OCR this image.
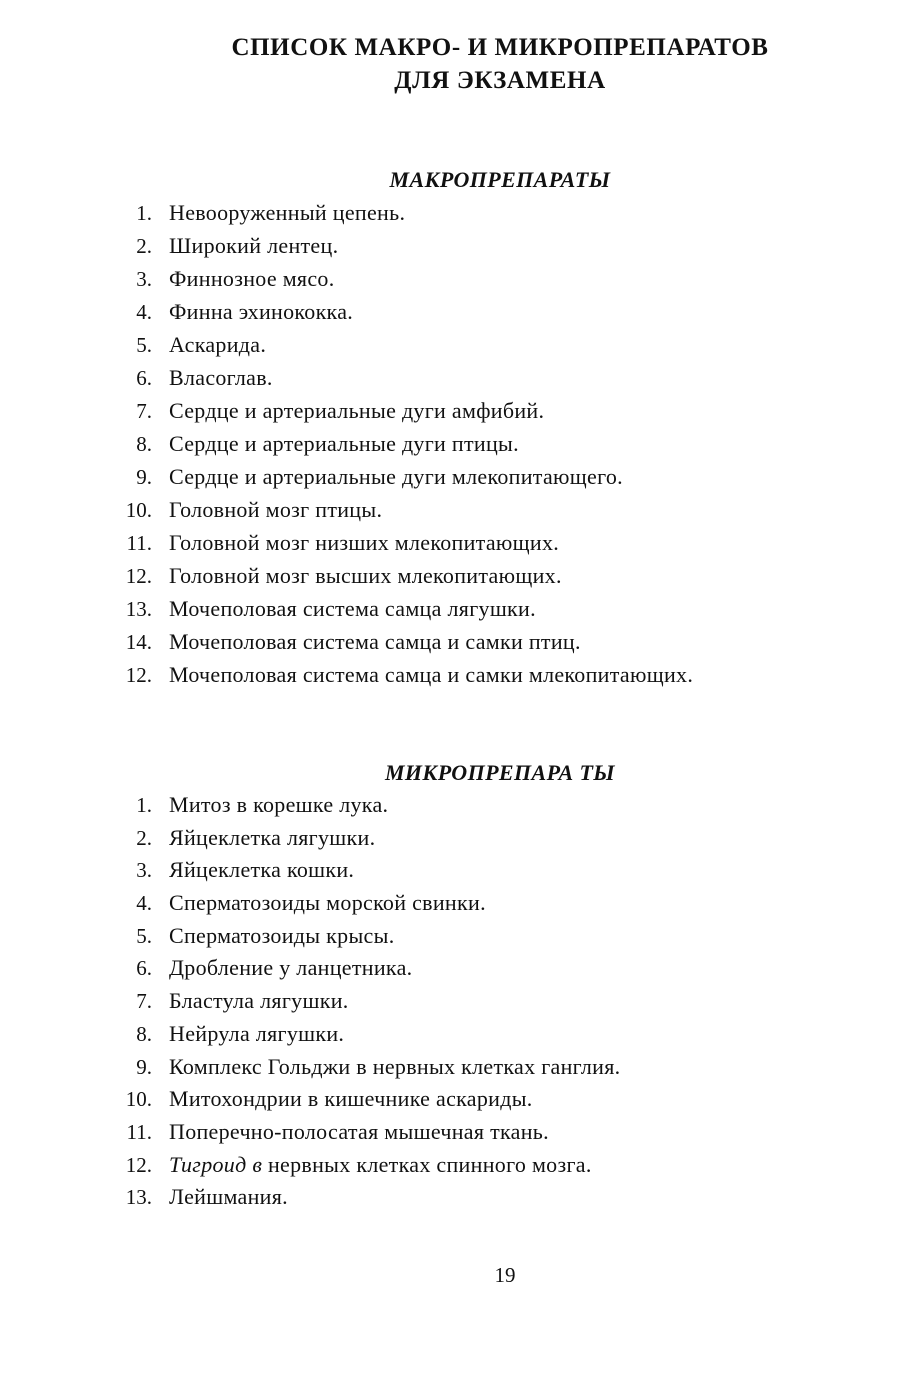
СПИСОК МАКРО- И МИКРОПРЕПАРАТОВ
ДЛЯ ЭКЗАМЕНА
МАКРОПРЕПАРАТЫ
1. Невооруженный цепень.
2. Широкий лентец.
3. Финнозное мясо.
4. Финна эхинококка.
5. Аскарида.
6. Власоглав.
7. Сердце и артериальные дуги амфибий.
8. Сердце и артериальные дуги птицы.
9. Сердце и артериальные дуги млекопитающего.
10. Головной мозг птицы.
11. Головной мозг низших млекопитающих.
12. Головной мозг высших млекопитающих.
13. Мочеполовая система самца лягушки.
14. Мочеполовая система самца и самки птиц.
12. Мочеполовая система самца и самки млекопитающих.
МИКРОПРЕПАРА ТЫ
1. Митоз в корешке лука.
2. Яйцеклетка лягушки.
3. Яйцеклетка кошки.
4. Сперматозоиды морской свинки.
5. Сперматозоиды крысы.
6. Дробление у ланцетника.
7. Бластула лягушки.
8. Нейрула лягушки.
9. Комплекс Гольджи в нервных клетках ганглия.
10. Митохондрии в кишечнике аскариды.
11. Поперечно-полосатая мышечная ткань.
12. Тигроид в нервных клетках спинного мозга.
13. Лейшмания.

19
